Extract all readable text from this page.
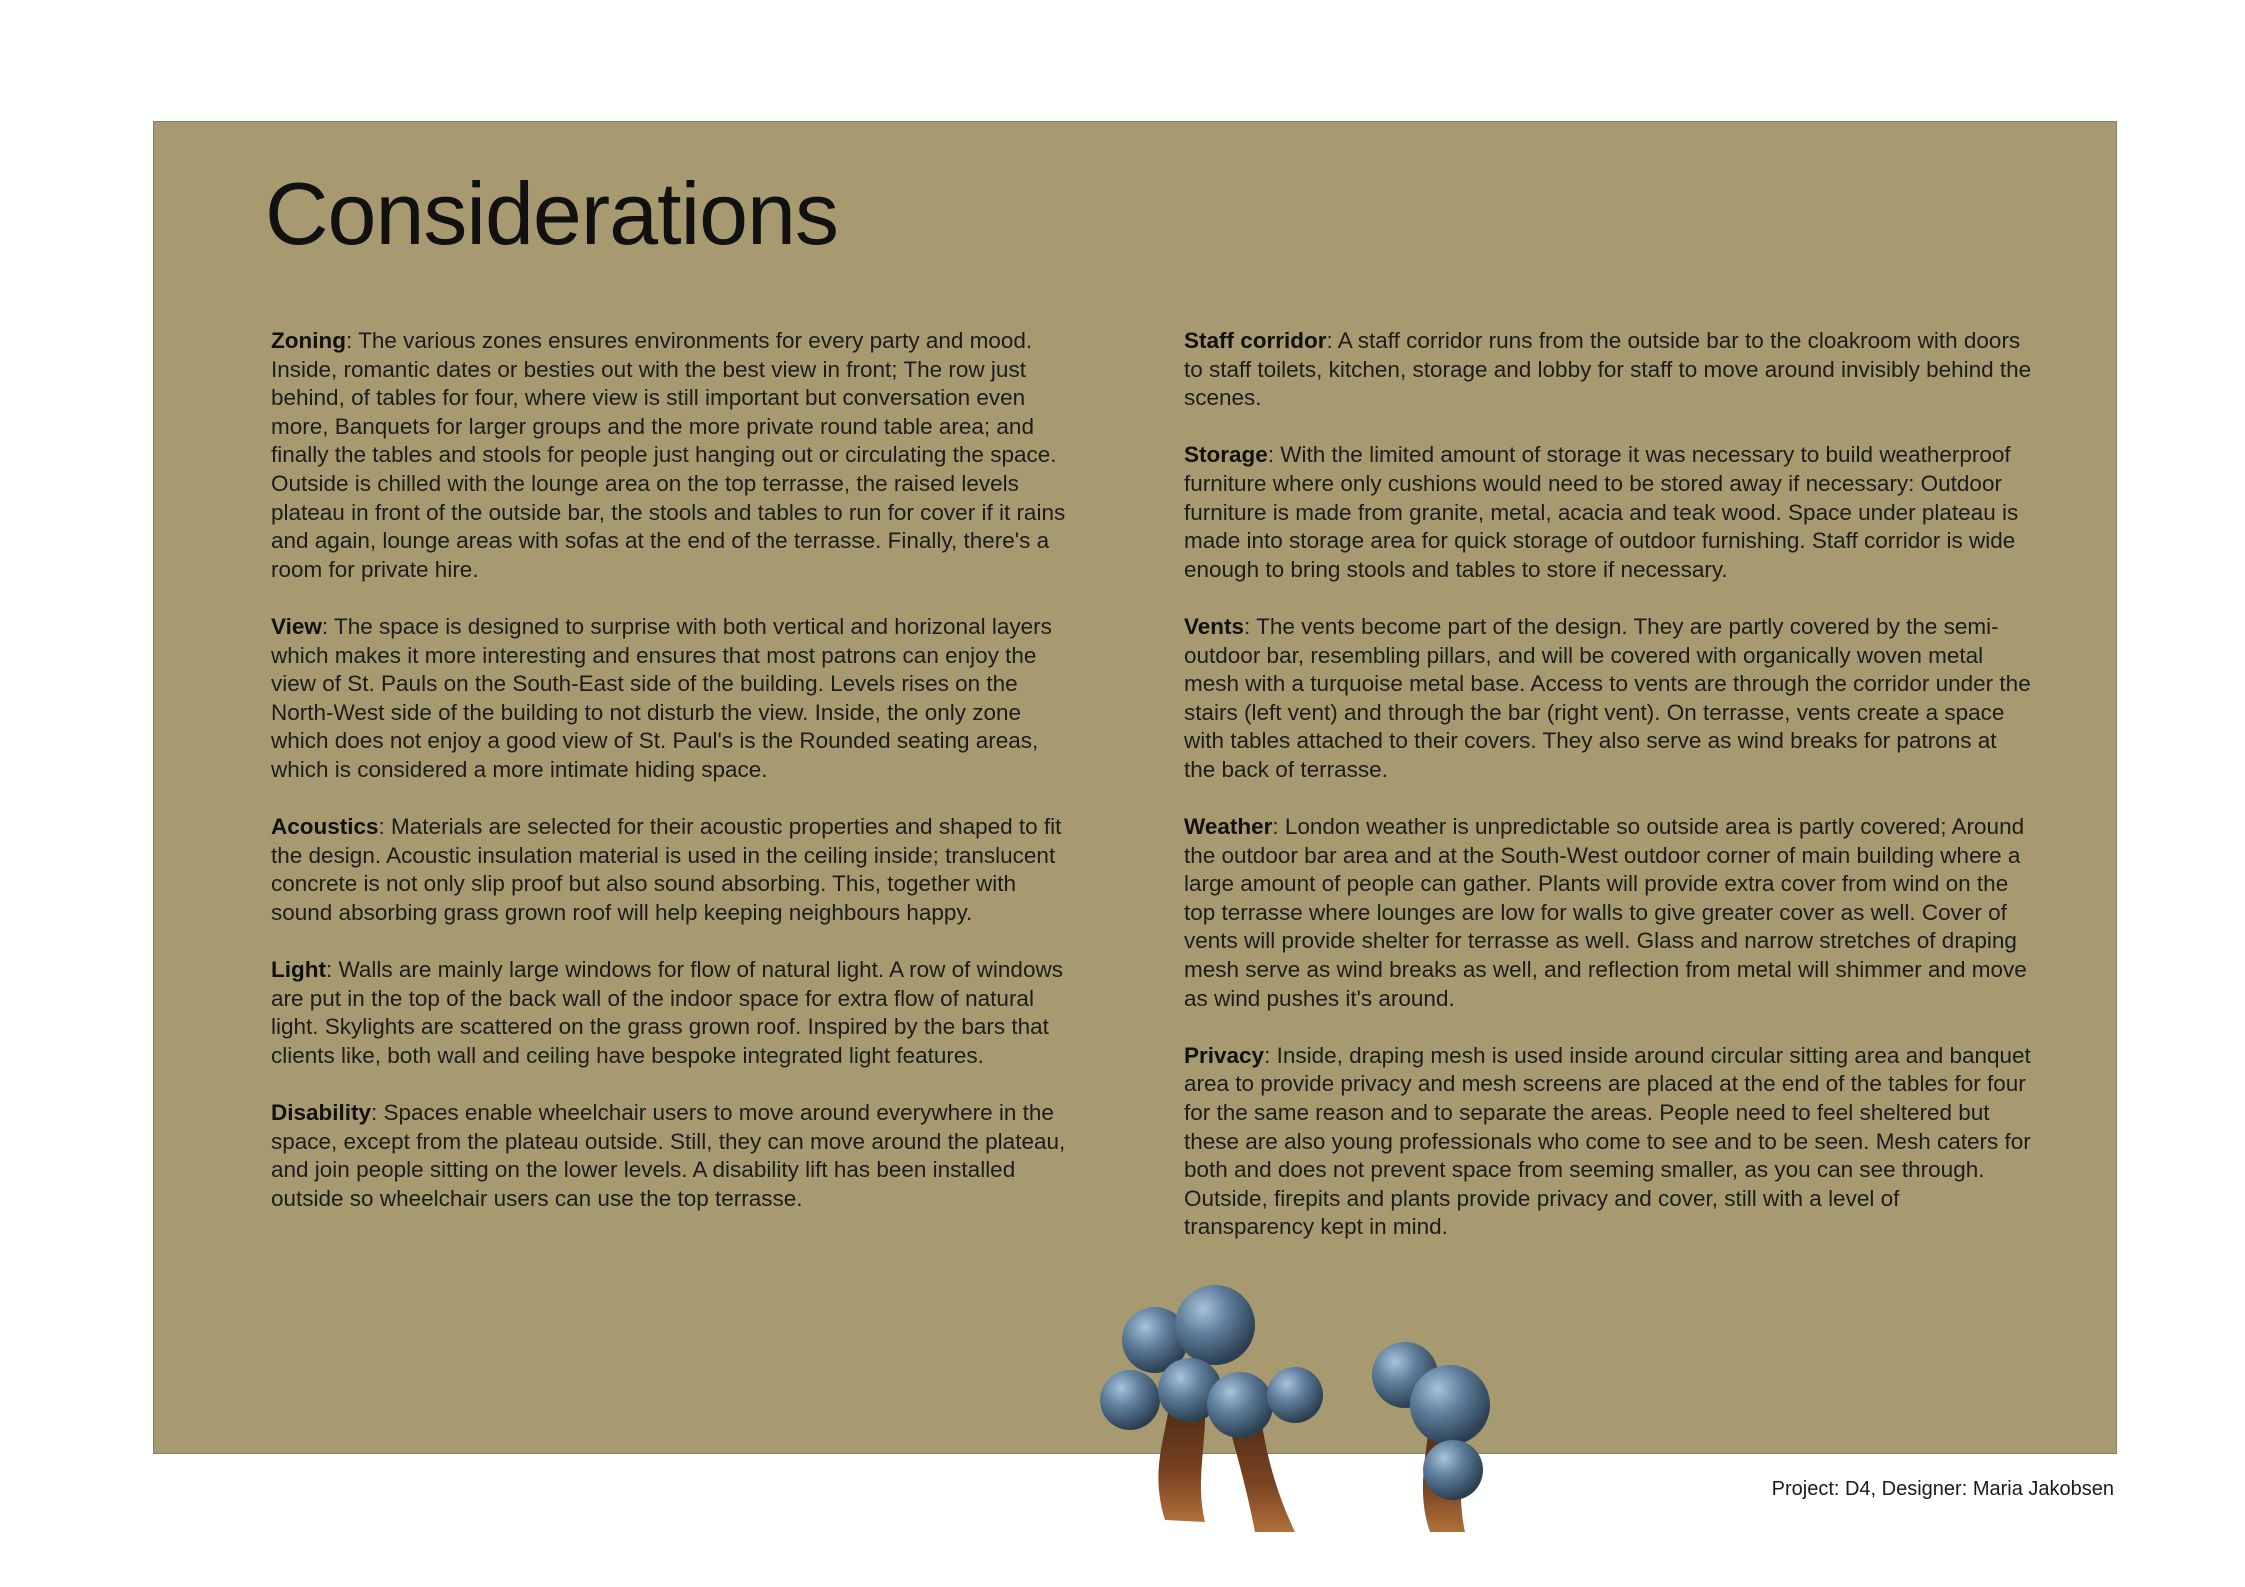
Considerations

Zoning: The various zones ensures environments for every party and mood. Inside, romantic dates or besties out with the best view in front; The row just behind, of tables for four, where view is still important but conversation even more, Banquets for larger groups and the more private round table area; and finally the tables and stools for people just hanging out or circulating the space. Outside is chilled with the lounge area on the top terrasse, the raised levels plateau in front of the outside bar, the stools and tables to run for cover if it rains and again, lounge areas with sofas at the end of the terrasse. Finally, there's a room for private hire.

View: The space is designed to surprise with both vertical and horizonal layers which makes it more interesting and ensures that most patrons can enjoy the view of St. Pauls on the South-East side of the building. Levels rises on the North-West side of the building to not disturb the view. Inside, the only zone which does not enjoy a good view of St. Paul's is the Rounded seating areas, which is considered a more intimate hiding space.

Acoustics: Materials are selected for their acoustic properties and shaped to fit the design. Acoustic insulation material is used in the ceiling inside; translucent concrete is not only slip proof but also sound absorbing. This, together with sound absorbing grass grown roof will help keeping neighbours happy.

Light: Walls are mainly large windows for flow of natural light. A row of windows are put in the top of the back wall of the indoor space for extra flow of natural light. Skylights are scattered on the grass grown roof. Inspired by the bars that clients like, both wall and ceiling have bespoke integrated light features.

Disability: Spaces enable wheelchair users to move around everywhere in the space, except from the plateau outside. Still, they can move around the plateau, and join people sitting on the lower levels. A disability lift has been installed outside so wheelchair users can use the top terrasse.

Staff corridor: A staff corridor runs from the outside bar to the cloakroom with doors to staff toilets, kitchen, storage and lobby for staff to move around invisibly behind the scenes.

Storage: With the limited amount of storage it was necessary to build weatherproof furniture where only cushions would need to be stored away if necessary: Outdoor furniture is made from granite, metal, acacia and teak wood. Space under plateau is made into storage area for quick storage of outdoor furnishing. Staff corridor is wide enough to bring stools and tables to store if necessary.

Vents: The vents become part of the design. They are partly covered by the semi-outdoor bar, resembling pillars, and will be covered with organically woven metal mesh with a turquoise metal base. Access to vents are through the corridor under the stairs (left vent) and through the bar (right vent). On terrasse, vents create a space with tables attached to their covers. They also serve as wind breaks for patrons at the back of terrasse.

Weather: London weather is unpredictable so outside area is partly covered; Around the outdoor bar area and at the South-West outdoor corner of main building where a large amount of people can gather. Plants will provide extra cover from wind on the top terrasse where lounges are low for walls to give greater cover as well. Cover of vents will provide shelter for terrasse as well. Glass and narrow stretches of draping mesh serve as wind breaks as well, and reflection from metal will shimmer and move as wind pushes it's around.

Privacy: Inside, draping mesh is used inside around circular sitting area and banquet area to provide privacy and mesh screens are placed at the end of the tables for four for the same reason and to separate the areas. People need to feel sheltered but these are also young professionals who come to see and to be seen. Mesh caters for both and does not prevent space from seeming smaller, as you can see through. Outside, firepits and plants provide privacy and cover, still with a level of transparency kept in mind.

Project: D4, Designer: Maria Jakobsen
